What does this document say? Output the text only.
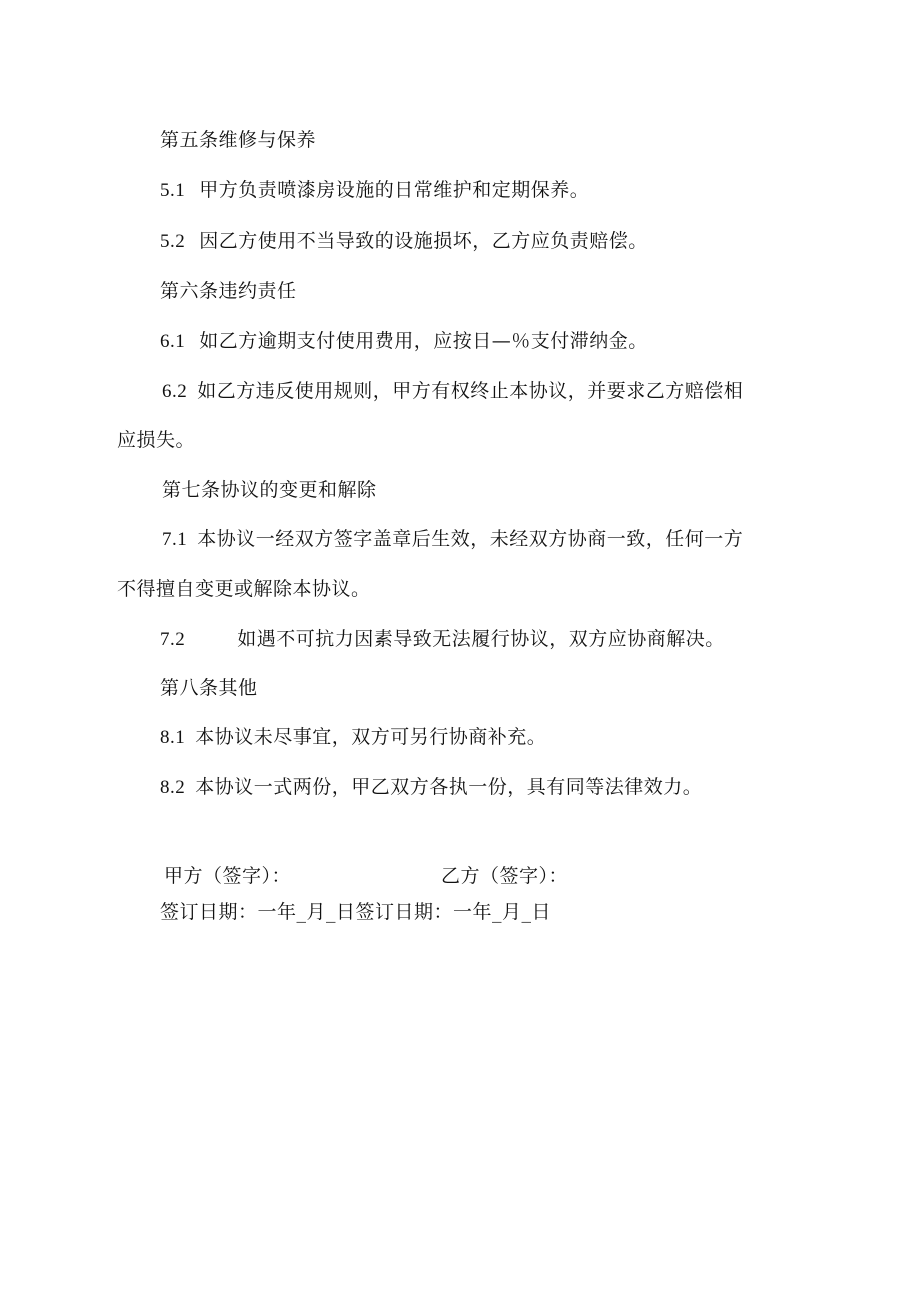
第五条维修与保养
5.1 甲方负责喷漆房设施的日常维护和定期保养。
5.2 因乙方使用不当导致的设施损坏，乙方应负责赔偿。
第六条违约责任
6.1 如乙方逾期支付使用费用，应按日—％支付滞纳金。
6.2 如乙方违反使用规则，甲方有权终止本协议，并要求乙方赔偿相
应损失。
第七条协议的变更和解除
7.1 本协议一经双方签字盖章后生效，未经双方协商一致，任何一方
不得擅自变更或解除本协议。
7.2	如遇不可抗力因素导致无法履行协议，双方应协商解决。
第八条其他
8.1 本协议未尽事宜，双方可另行协商补充。
8.2 本协议一式两份，甲乙双方各执一份，具有同等法律效力。
甲方（签字）：	乙方（签字）：
签订日期：一年_月_日签订日期：一年_月_日
